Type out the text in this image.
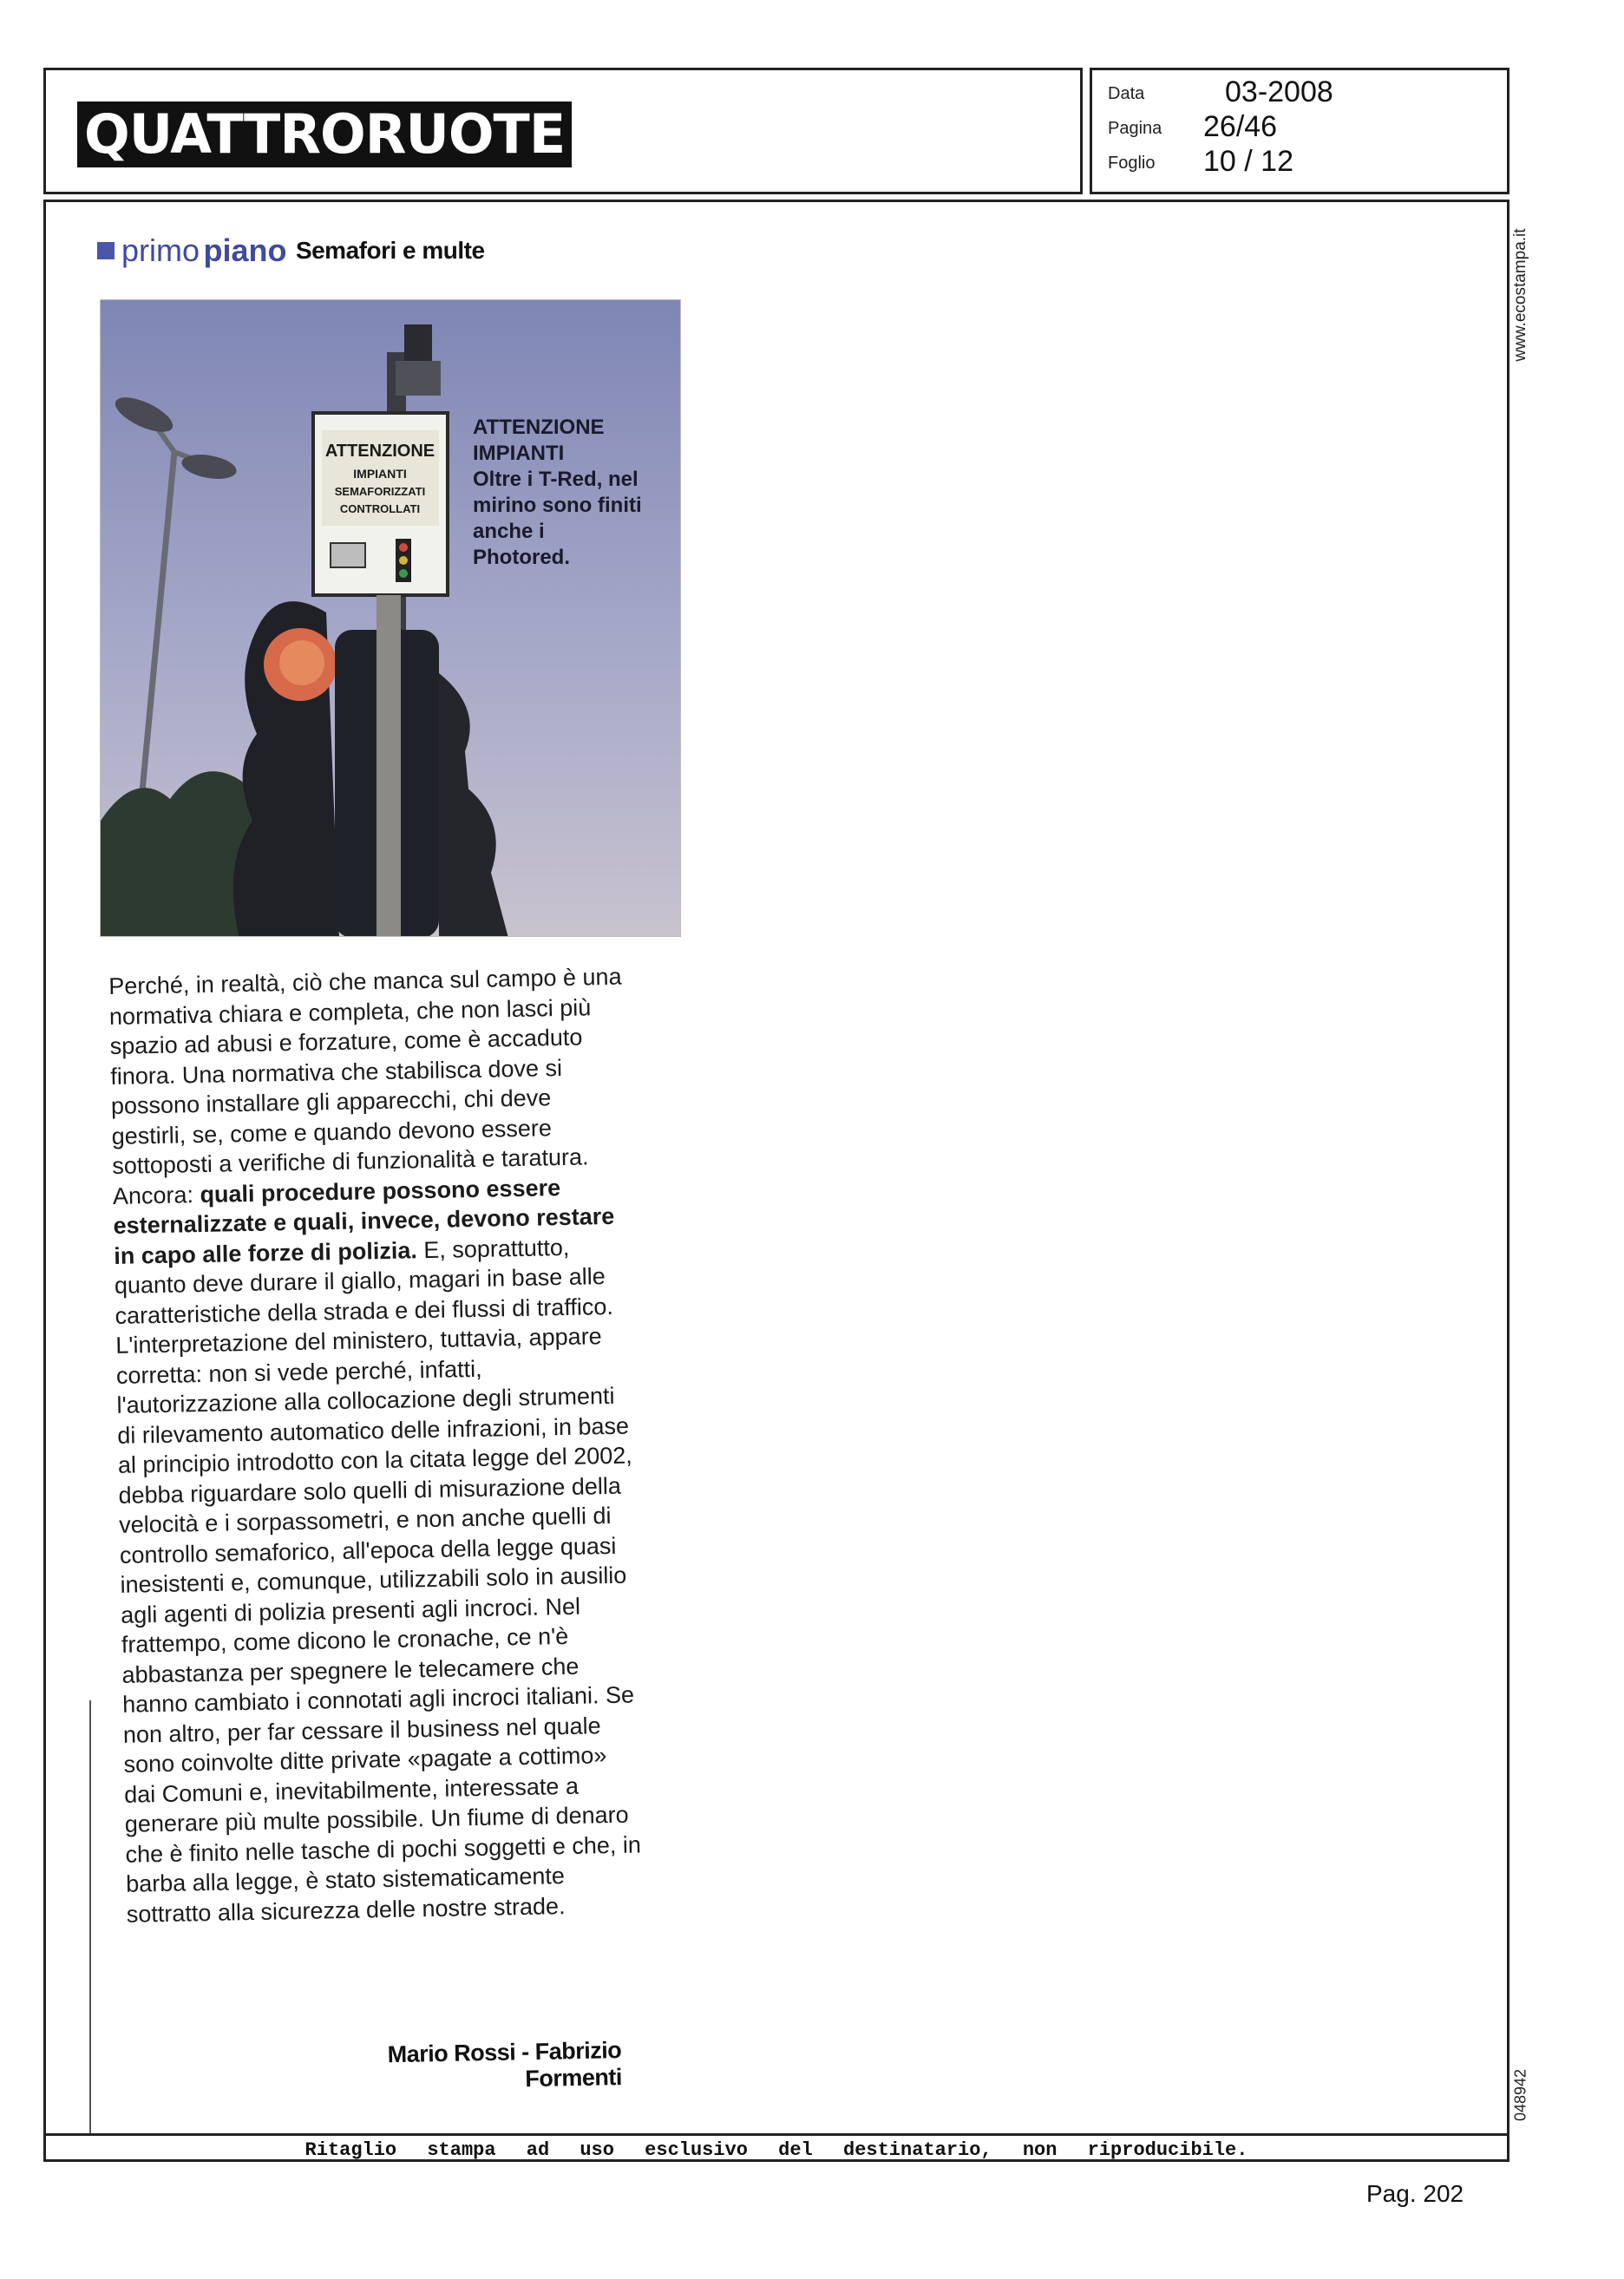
QUATTRORUOTE
Data	03-2008
Pagina 26/46
Foglio 10 / 12
www.ecostampa.it
048942
primo piano Semafori e multe
ATTENZIONE
IMPIANTI
SEMAFORIZZATI
CONTROLLATI
ATTENZIONE IMPIANTI
Oltre i T-Red, nel mirino sono finiti anche i Photored.

Perché, in realtà, ciò che manca sul campo è una normativa chiara e completa, che non lasci più spazio ad abusi e forzature, come è accaduto finora. Una normativa che stabilisca dove si possono installare gli apparecchi, chi deve gestirli, se, come e quando devono essere sottoposti a verifiche di funzionalità e taratura. Ancora: quali procedure possono essere esternalizzate e quali, invece, devono restare in capo alle forze di polizia. E, soprattutto, quanto deve durare il giallo, magari in base alle caratteristiche della strada e dei flussi di traffico. L'interpretazione del ministero, tuttavia, appare corretta: non si vede perché, infatti, l'autorizzazione alla collocazione degli strumenti di rilevamento automatico delle infrazioni, in base al principio introdotto con la citata legge del 2002, debba riguardare solo quelli di misurazione della velocità e i sorpassometri, e non anche quelli di controllo semaforico, all'epoca della legge quasi inesistenti e, comunque, utilizzabili solo in ausilio agli agenti di polizia presenti agli incroci. Nel frattempo, come dicono le cronache, ce n'è abbastanza per spegnere le telecamere che hanno cambiato i connotati agli incroci italiani. Se non altro, per far cessare il business nel quale sono coinvolte ditte private «pagate a cottimo» dai Comuni e, inevitabilmente, interessate a generare più multe possibile. Un fiume di denaro che è finito nelle tasche di pochi soggetti e che, in barba alla legge, è stato sistematicamente sottratto alla sicurezza delle nostre strade.

Mario Rossi - Fabrizio Formenti
Ritaglio stampa ad uso esclusivo del destinatario, non riproducibile.
Pag. 202
